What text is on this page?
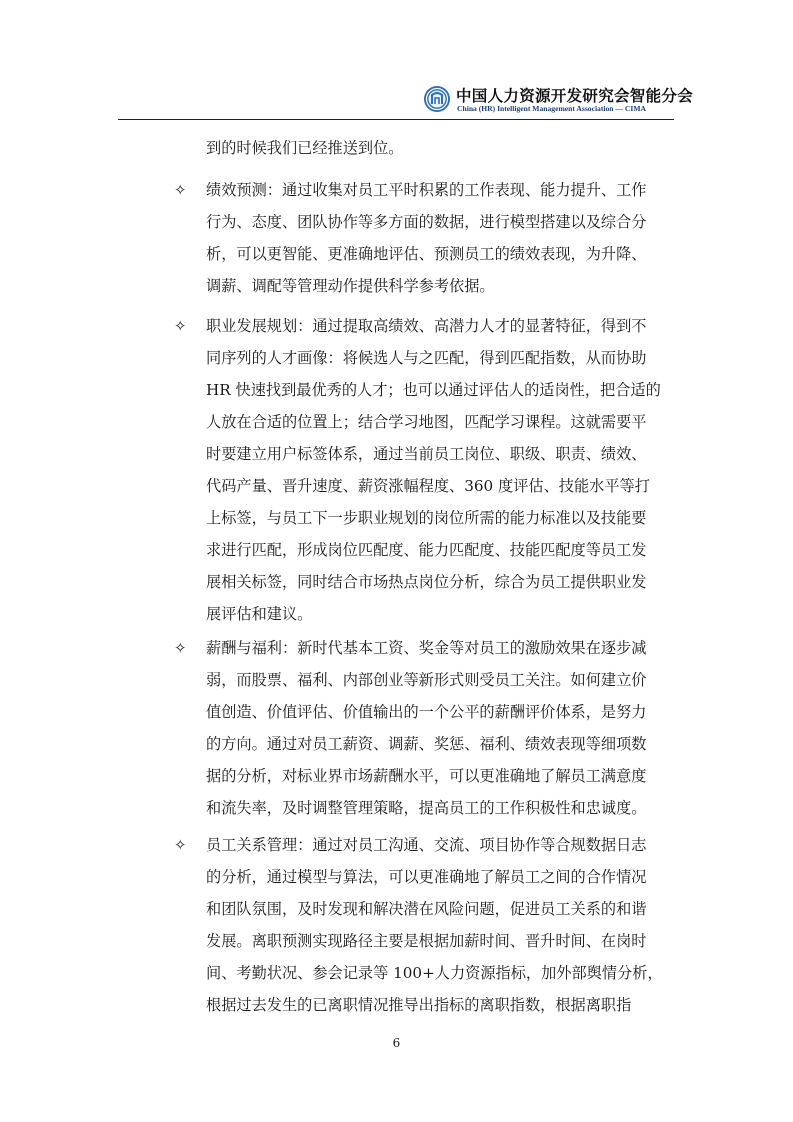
中国人力资源开发研究会智能分会
China (HR) Intelligent Management Association — CIMA
到的时候我们已经推送到位。
✧ 绩效预测：通过收集对员工平时积累的工作表现、能力提升、工作
行为、态度、团队协作等多方面的数据，进行模型搭建以及综合分
析，可以更智能、更准确地评估、预测员工的绩效表现，为升降、
调薪、调配等管理动作提供科学参考依据。
✧ 职业发展规划：通过提取高绩效、高潜力人才的显著特征，得到不
同序列的人才画像：将候选人与之匹配，得到匹配指数，从而协助
HR 快速找到最优秀的人才；也可以通过评估人的适岗性，把合适的
人放在合适的位置上；结合学习地图，匹配学习课程。这就需要平
时要建立用户标签体系，通过当前员工岗位、职级、职责、绩效、
代码产量、晋升速度、薪资涨幅程度、360 度评估、技能水平等打
上标签，与员工下一步职业规划的岗位所需的能力标准以及技能要
求进行匹配，形成岗位匹配度、能力匹配度、技能匹配度等员工发
展相关标签，同时结合市场热点岗位分析，综合为员工提供职业发
展评估和建议。
✧ 薪酬与福利：新时代基本工资、奖金等对员工的激励效果在逐步减
弱，而股票、福利、内部创业等新形式则受员工关注。如何建立价
值创造、价值评估、价值输出的一个公平的薪酬评价体系，是努力
的方向。通过对员工薪资、调薪、奖惩、福利、绩效表现等细项数
据的分析，对标业界市场薪酬水平，可以更准确地了解员工满意度
和流失率，及时调整管理策略，提高员工的工作积极性和忠诚度。
✧ 员工关系管理：通过对员工沟通、交流、项目协作等合规数据日志
的分析，通过模型与算法，可以更准确地了解员工之间的合作情况
和团队氛围，及时发现和解决潜在风险问题，促进员工关系的和谐
发展。离职预测实现路径主要是根据加薪时间、晋升时间、在岗时
间、考勤状况、参会记录等 100+人力资源指标，加外部舆情分析，
根据过去发生的已离职情况推导出指标的离职指数，根据离职指
6
